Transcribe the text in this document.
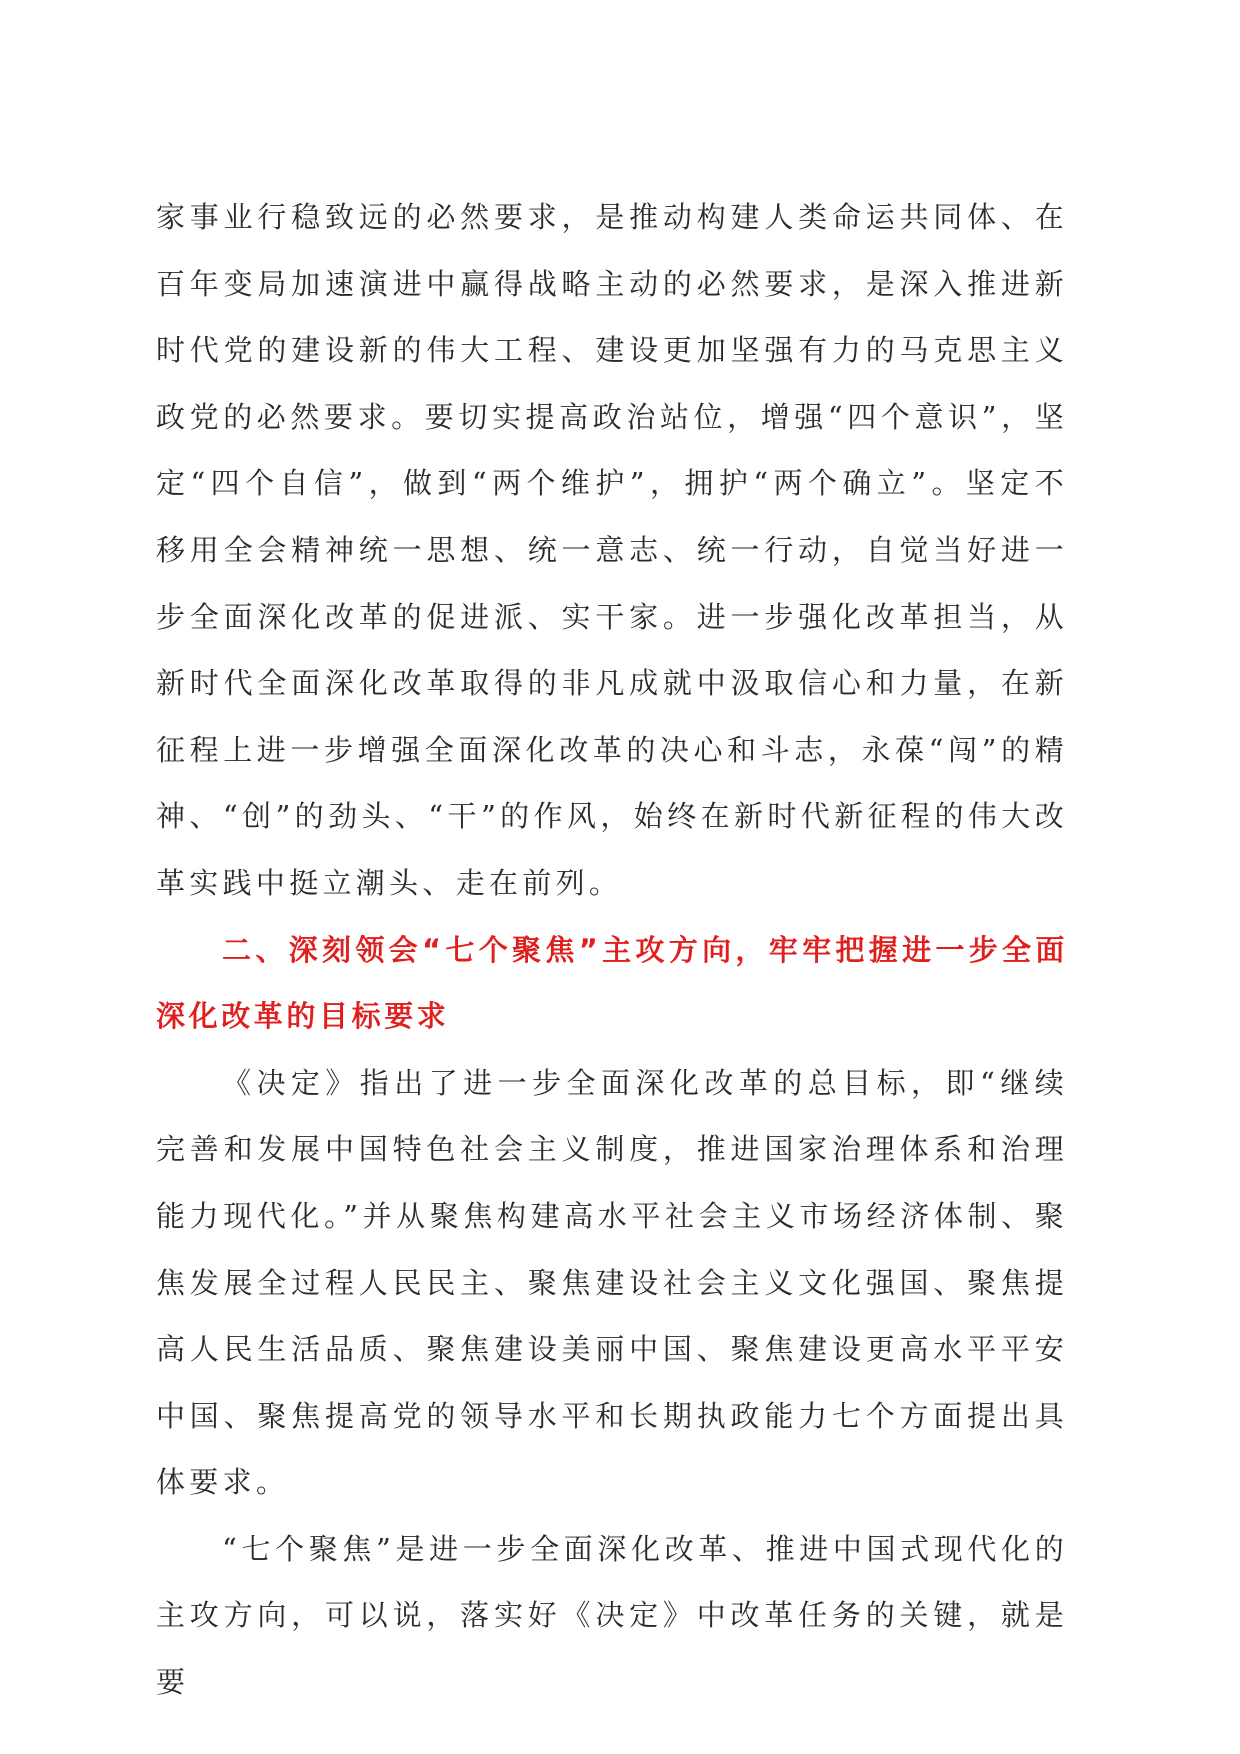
家事业行稳致远的必然要求，是推动构建人类命运共同体、在百年变局加速演进中赢得战略主动的必然要求，是深入推进新时代党的建设新的伟大工程、建设更加坚强有力的马克思主义政党的必然要求。要切实提高政治站位，增强“四个意识”，坚定“四个自信”，做到“两个维护”，拥护“两个确立”。坚定不移用全会精神统一思想、统一意志、统一行动，自觉当好进一步全面深化改革的促进派、实干家。进一步强化改革担当，从新时代全面深化改革取得的非凡成就中汲取信心和力量，在新征程上进一步增强全面深化改革的决心和斗志，永葆“闯”的精神、“创”的劲头、“干”的作风，始终在新时代新征程的伟大改革实践中挺立潮头、走在前列。

二、深刻领会“七个聚焦”主攻方向，牢牢把握进一步全面深化改革的目标要求

《决定》指出了进一步全面深化改革的总目标，即“继续完善和发展中国特色社会主义制度，推进国家治理体系和治理能力现代化。”并从聚焦构建高水平社会主义市场经济体制、聚焦发展全过程人民民主、聚焦建设社会主义文化强国、聚焦提高人民生活品质、聚焦建设美丽中国、聚焦建设更高水平平安中国、聚焦提高党的领导水平和长期执政能力七个方面提出具体要求。

“七个聚焦”是进一步全面深化改革、推进中国式现代化的主攻方向，可以说，落实好《决定》中改革任务的关键，就是要
